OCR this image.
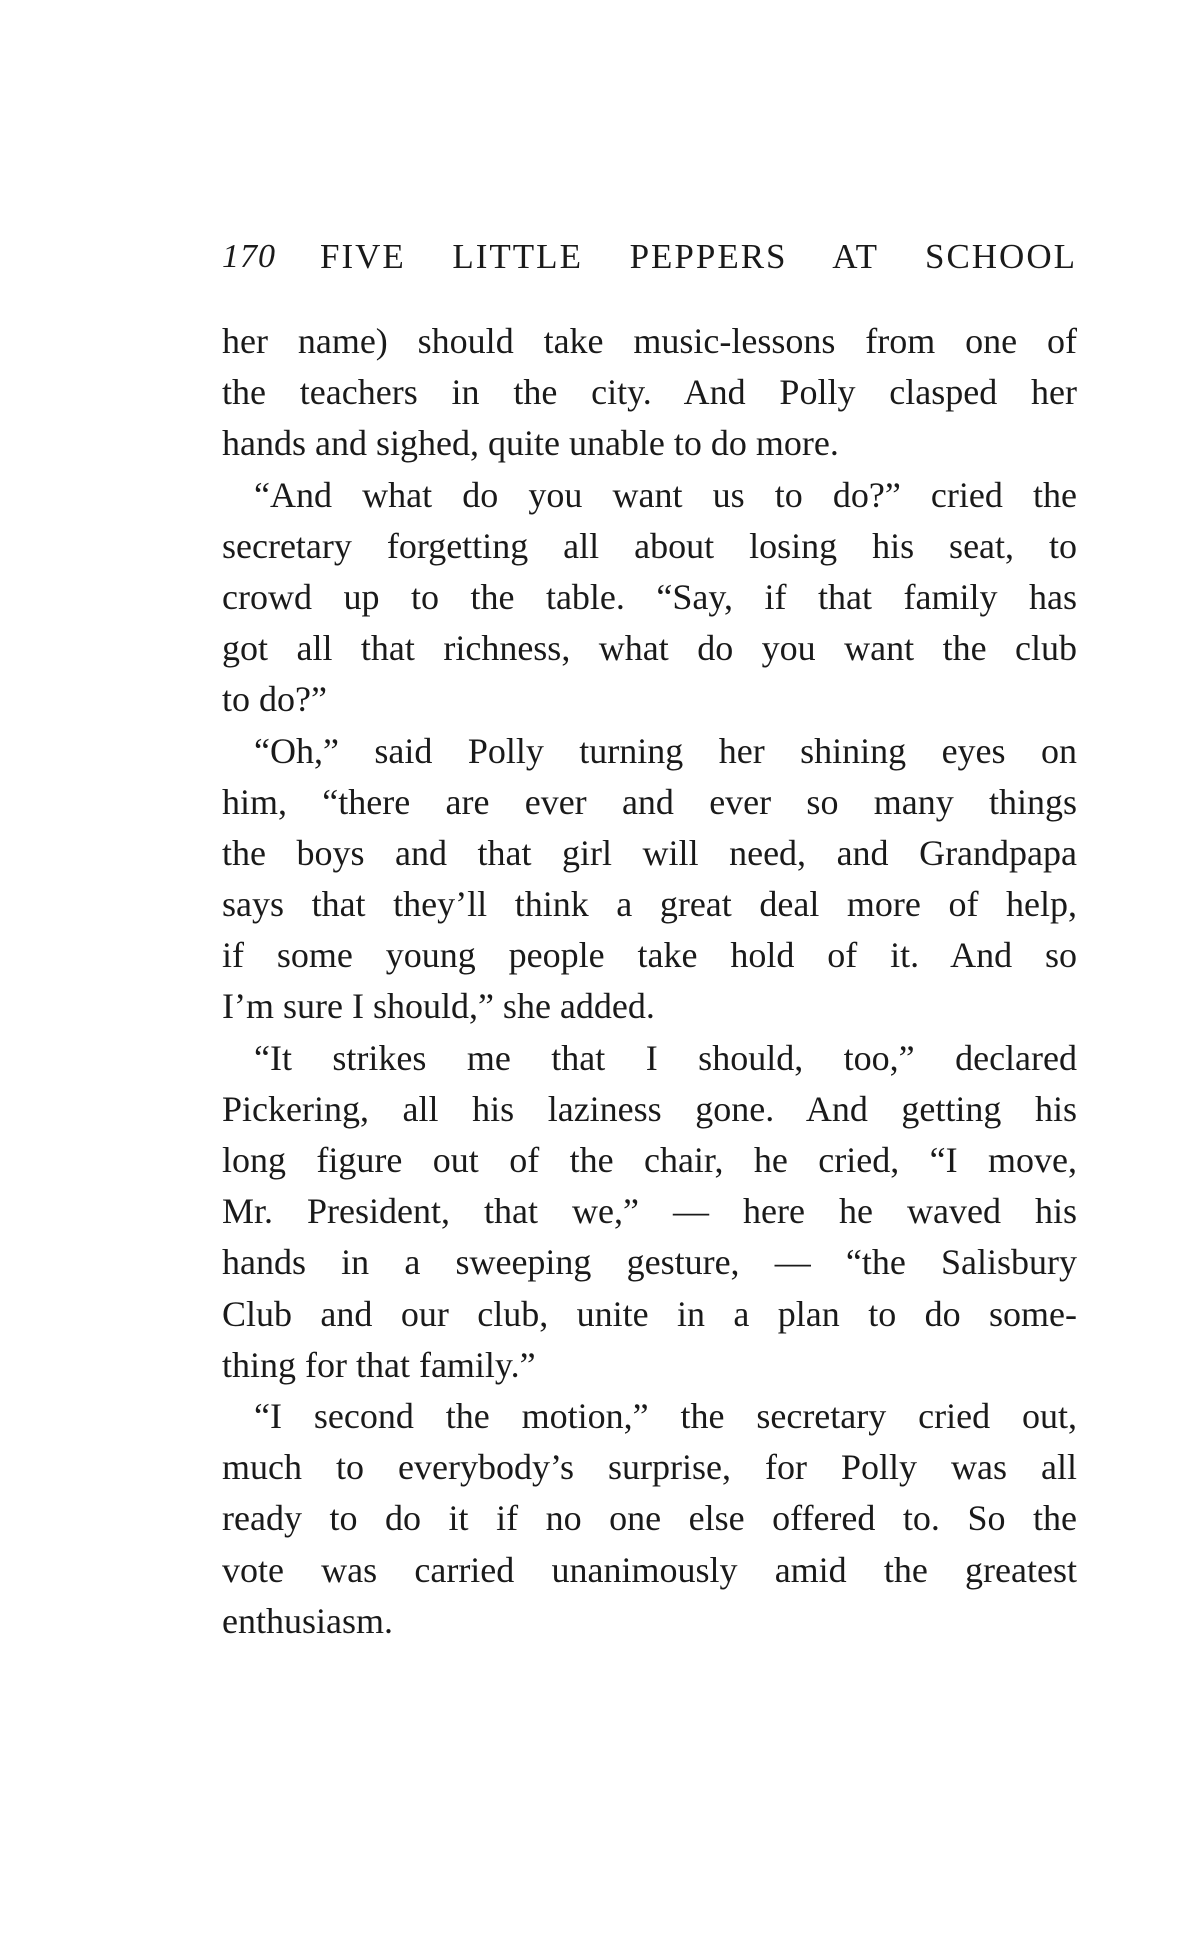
170 FIVE LITTLE PEPPERS AT SCHOOL
her name) should take music-lessons from one of
the teachers in the city. And Polly clasped her
hands and sighed, quite unable to do more.
“And what do you want us to do?” cried the
secretary forgetting all about losing his seat, to
crowd up to the table. “Say, if that family has
got all that richness, what do you want the club
to do?”
“Oh,” said Polly turning her shining eyes on
him, “there are ever and ever so many things
the boys and that girl will need, and Grandpapa
says that they’ll think a great deal more of help,
if some young people take hold of it. And so
I’m sure I should,” she added.
“It strikes me that I should, too,” declared
Pickering, all his laziness gone. And getting his
long figure out of the chair, he cried, “I move,
Mr. President, that we,” — here he waved his
hands in a sweeping gesture, — “the Salisbury
Club and our club, unite in a plan to do some-
thing for that family.”
“I second the motion,” the secretary cried out,
much to everybody’s surprise, for Polly was all
ready to do it if no one else offered to. So the
vote was carried unanimously amid the greatest
enthusiasm.
